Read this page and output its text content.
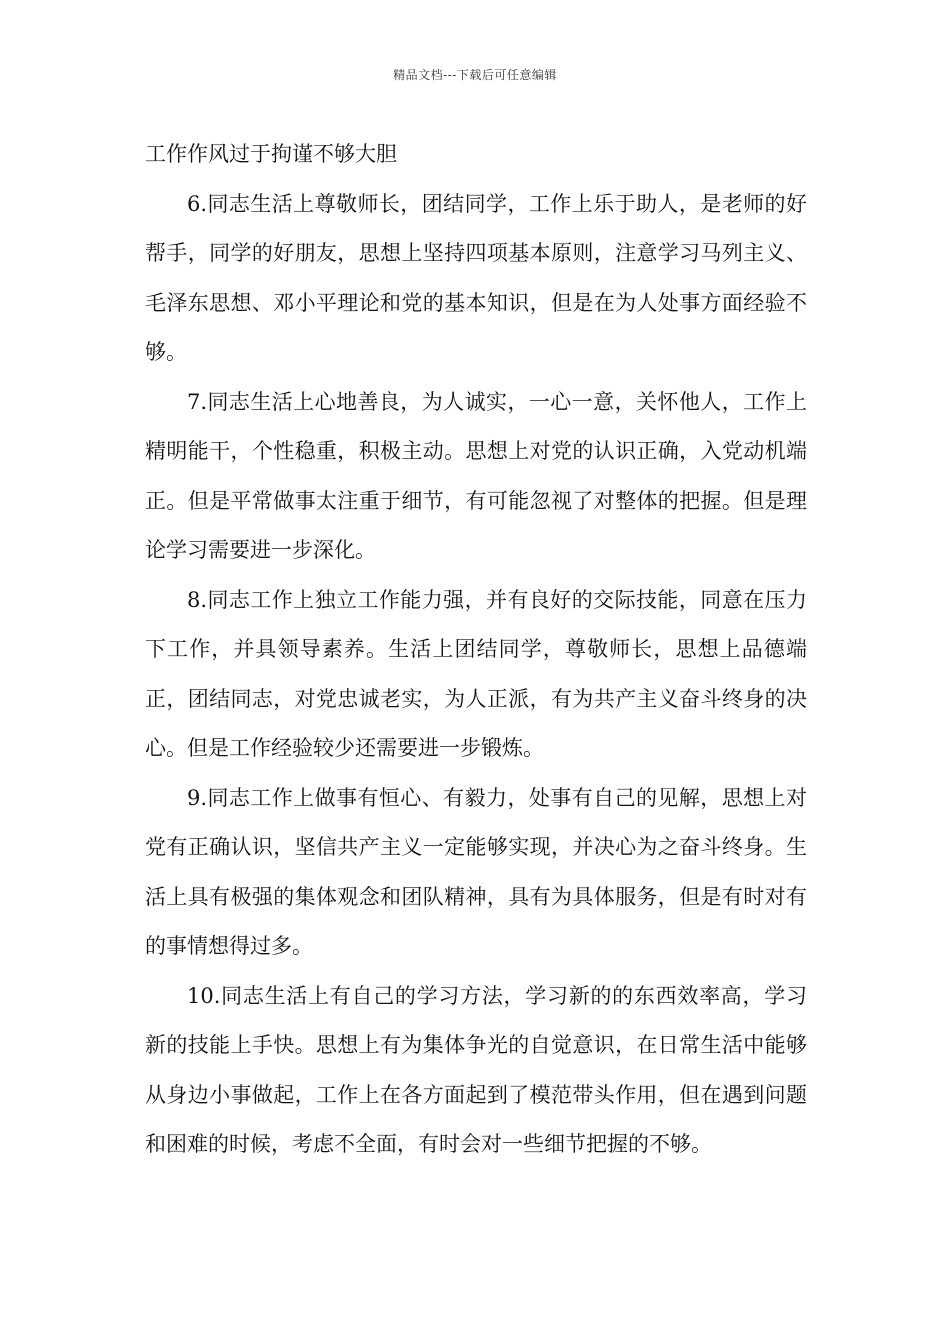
精品文档---下载后可任意编辑

工作作风过于拘谨不够大胆

6.同志生活上尊敬师长，团结同学，工作上乐于助人，是老师的好帮手，同学的好朋友，思想上坚持四项基本原则，注意学习马列主义、毛泽东思想、邓小平理论和党的基本知识，但是在为人处事方面经验不够。

7.同志生活上心地善良，为人诚实，一心一意，关怀他人，工作上精明能干，个性稳重，积极主动。思想上对党的认识正确，入党动机端正。但是平常做事太注重于细节，有可能忽视了对整体的把握。但是理论学习需要进一步深化。

8.同志工作上独立工作能力强，并有良好的交际技能，同意在压力下工作，并具领导素养。生活上团结同学，尊敬师长，思想上品德端正，团结同志，对党忠诚老实，为人正派，有为共产主义奋斗终身的决心。但是工作经验较少还需要进一步锻炼。

9.同志工作上做事有恒心、有毅力，处事有自己的见解，思想上对党有正确认识，坚信共产主义一定能够实现，并决心为之奋斗终身。生活上具有极强的集体观念和团队精神，具有为具体服务，但是有时对有的事情想得过多。

10.同志生活上有自己的学习方法，学习新的的东西效率高，学习新的技能上手快。思想上有为集体争光的自觉意识，在日常生活中能够从身边小事做起，工作上在各方面起到了模范带头作用，但在遇到问题和困难的时候，考虑不全面，有时会对一些细节把握的不够。
